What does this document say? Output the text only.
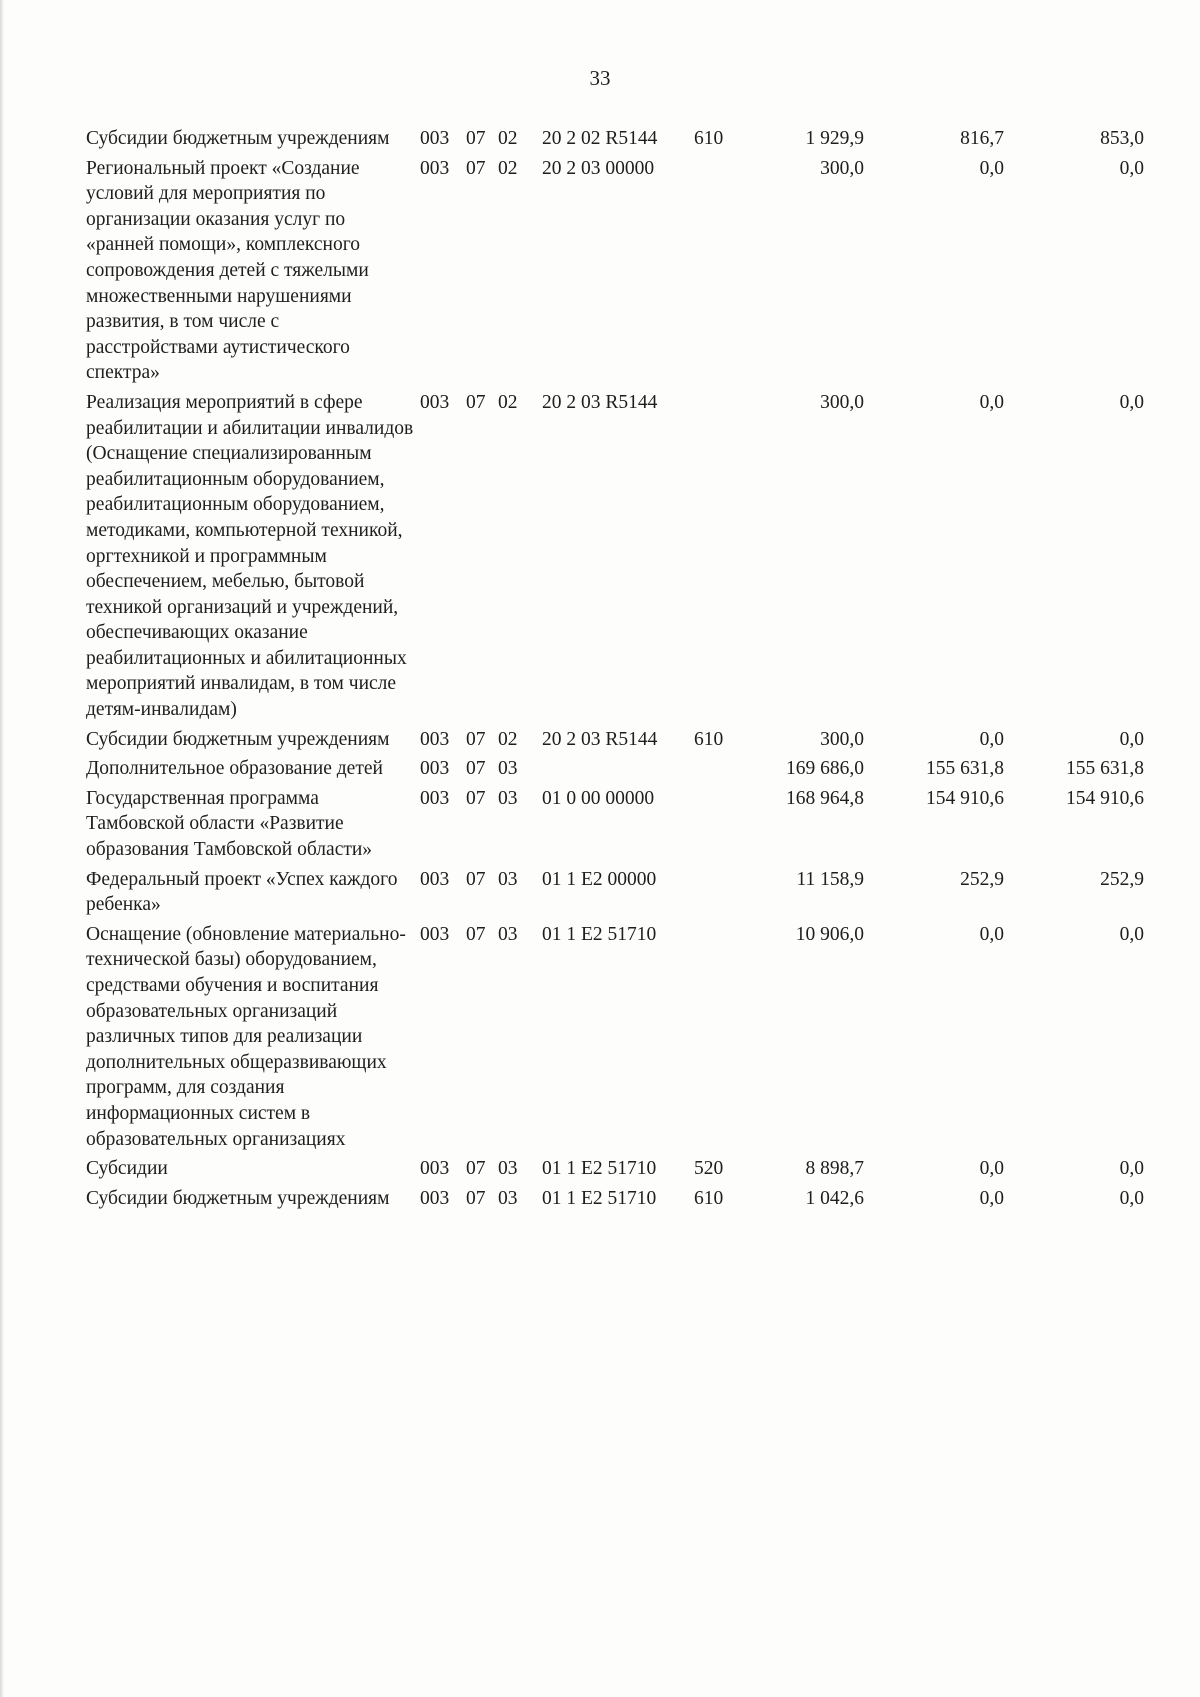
33
Субсидии бюджетным учреждениям	003	07	02	20 2 02 R5144	610	1 929,9	816,7	853,0
Региональный проект «Создание условий для мероприятия по организации оказания услуг по «ранней помощи», комплексного сопровождения детей с тяжелыми множественными нарушениями развития, в том числе с расстройствами аутистического спектра»	003	07	02	20 2 03 00000		300,0	0,0	0,0
Реализация мероприятий в сфере реабилитации и абилитации инвалидов (Оснащение специализированным реабилитационным оборудованием, реабилитационным оборудованием, методиками, компьютерной техникой, оргтехникой и программным обеспечением, мебелью, бытовой техникой организаций и учреждений, обеспечивающих оказание реабилитационных и абилитационных мероприятий инвалидам, в том числе детям-инвалидам)	003	07	02	20 2 03 R5144		300,0	0,0	0,0
Субсидии бюджетным учреждениям	003	07	02	20 2 03 R5144	610	300,0	0,0	0,0
Дополнительное образование детей	003	07	03			169 686,0	155 631,8	155 631,8
Государственная программа Тамбовской области «Развитие образования Тамбовской области»	003	07	03	01 0 00 00000		168 964,8	154 910,6	154 910,6
Федеральный проект «Успех каждого ребенка»	003	07	03	01 1 E2 00000		11 158,9	252,9	252,9
Оснащение (обновление материально-технической базы) оборудованием, средствами обучения и воспитания образовательных организаций различных типов для реализации дополнительных общеразвивающих программ, для создания информационных систем в образовательных организациях	003	07	03	01 1 E2 51710		10 906,0	0,0	0,0
Субсидии	003	07	03	01 1 E2 51710	520	8 898,7	0,0	0,0
Субсидии бюджетным учреждениям	003	07	03	01 1 E2 51710	610	1 042,6	0,0	0,0
